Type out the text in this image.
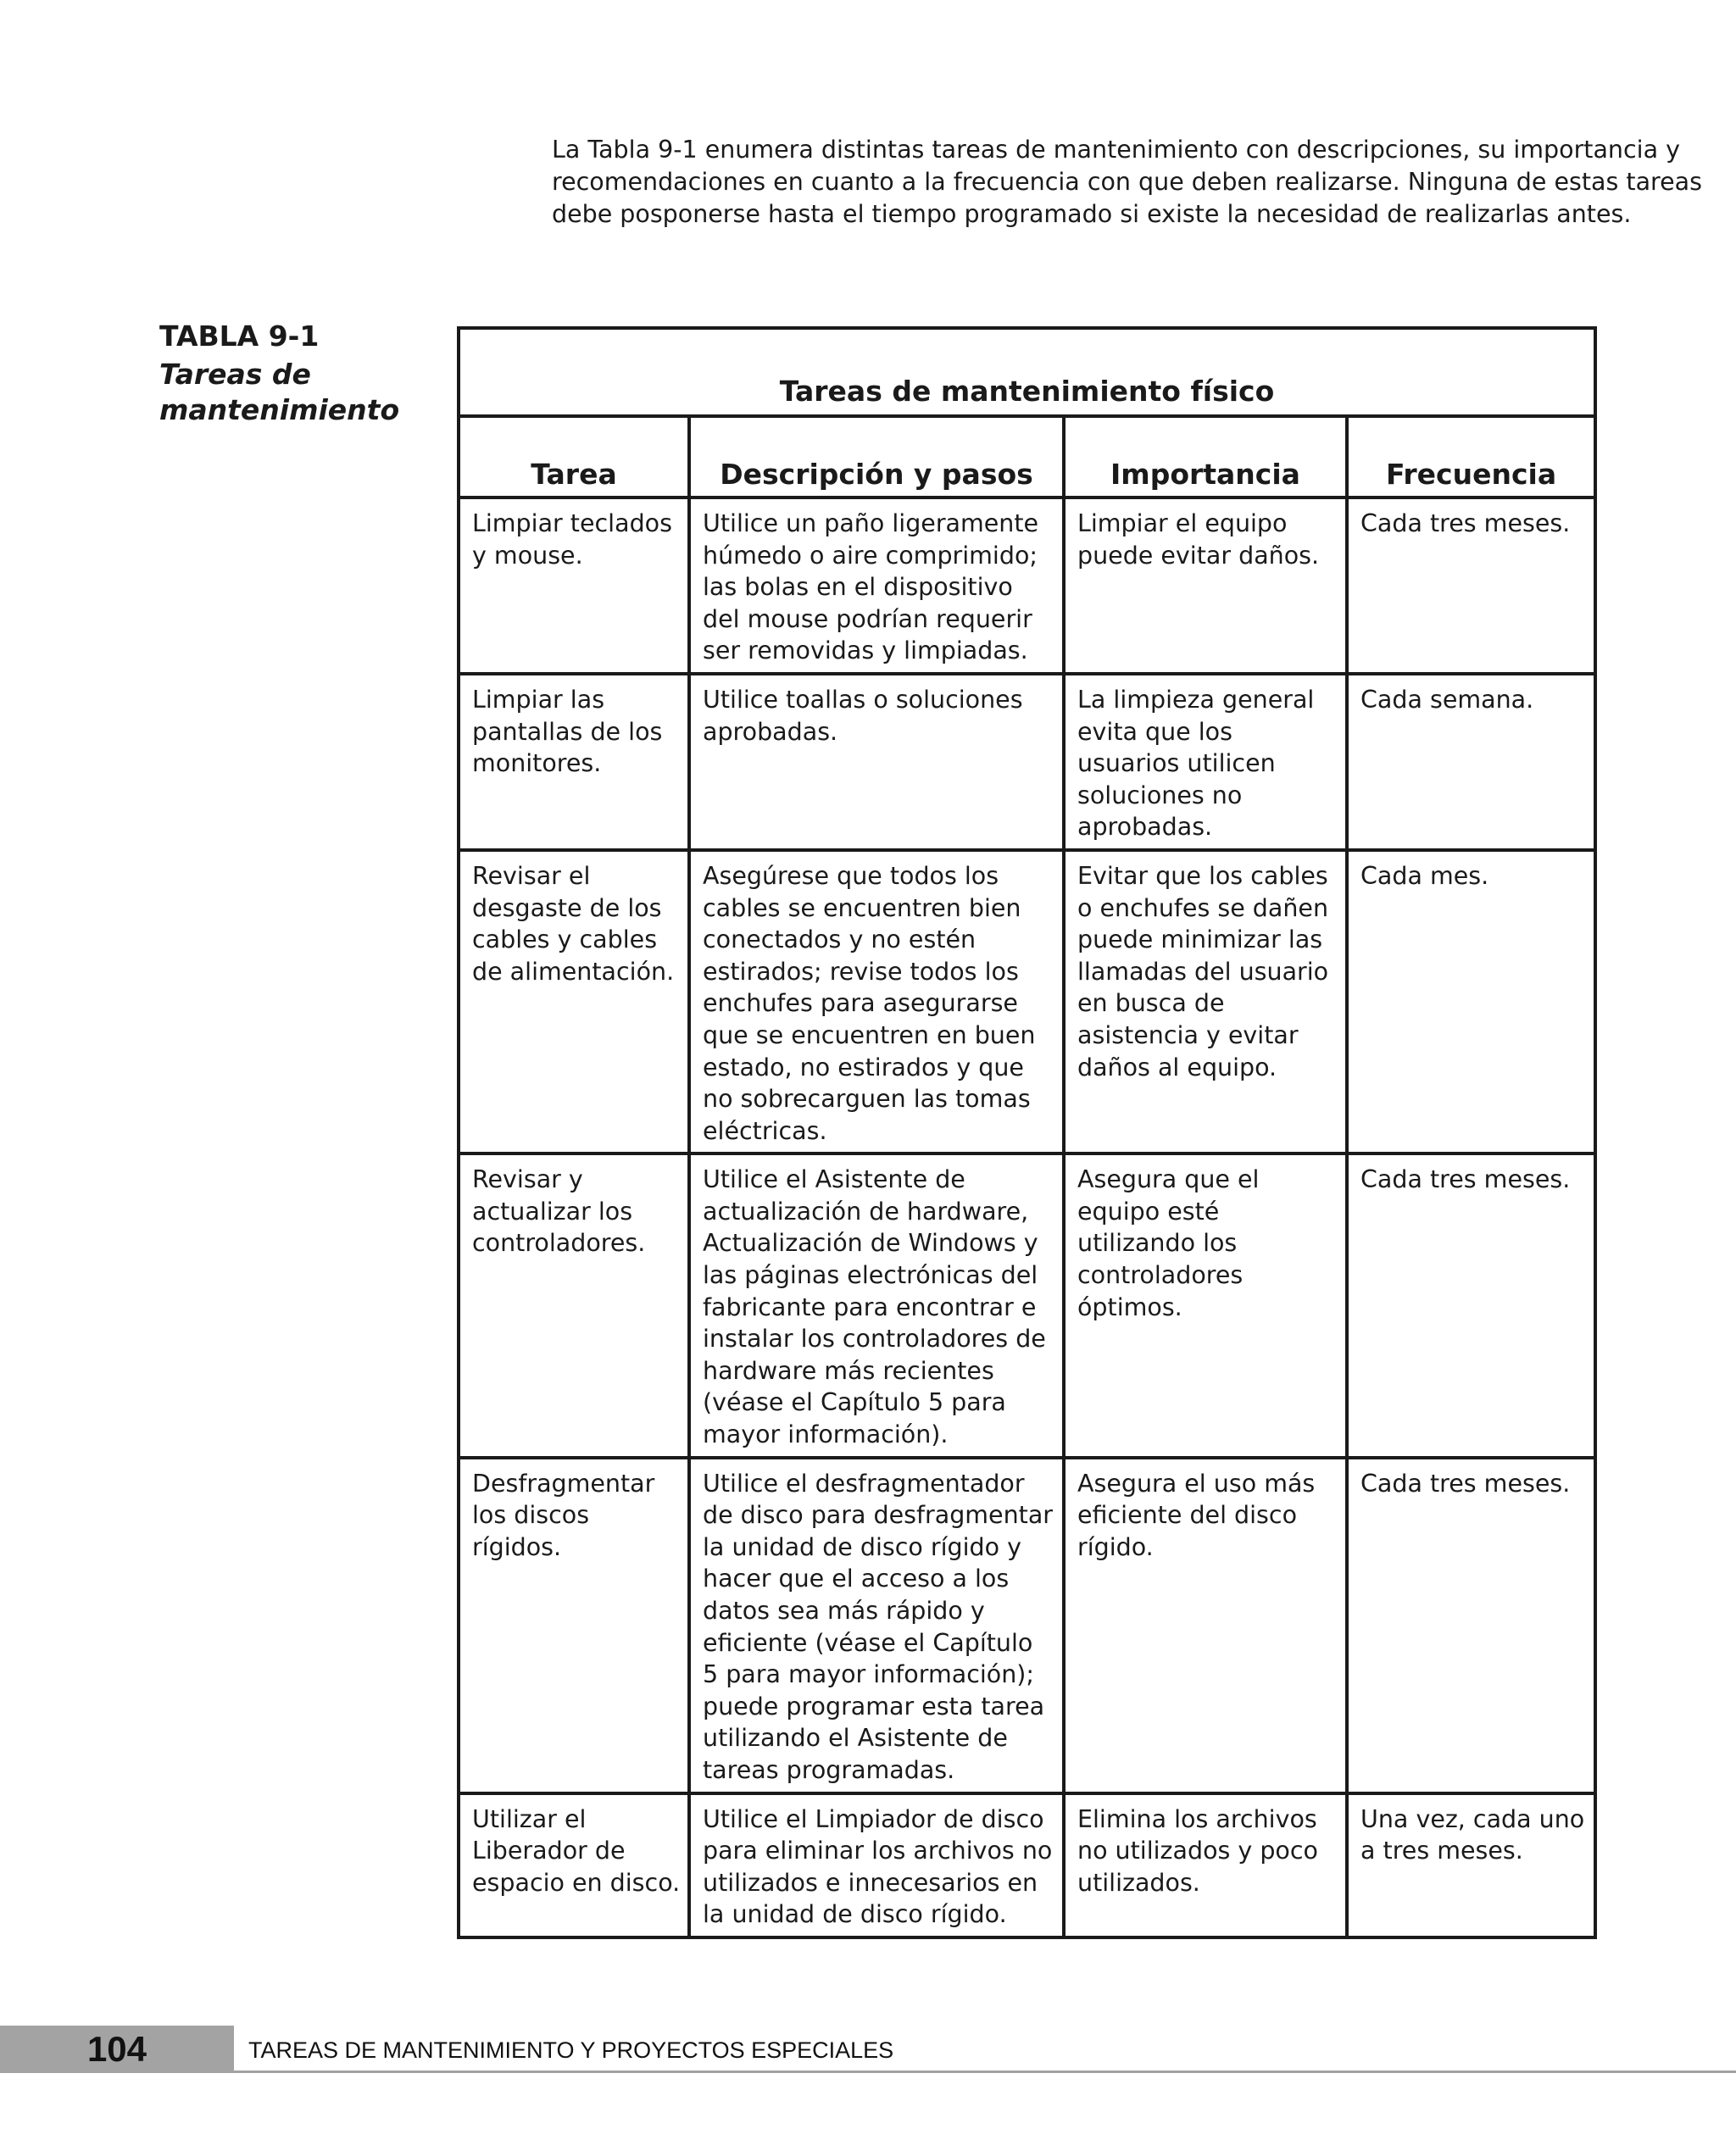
La Tabla 9-1 enumera distintas tareas de mantenimiento con descripciones, su importancia y
recomendaciones en cuanto a la frecuencia con que deben realizarse. Ninguna de estas tareas
debe posponerse hasta el tiempo programado si existe la necesidad de realizarlas antes.

TABLA 9-1
Tareas de mantenimiento
Tareas de mantenimiento físico			
Tarea	Descripción y pasos	Importancia	Frecuencia
Limpiar teclados y mouse.	Utilice un paño ligeramente húmedo o aire comprimido; las bolas en el dispositivo del mouse podrían requerir ser removidas y limpiadas.	Limpiar el equipo puede evitar daños.	Cada tres meses.
Limpiar las pantallas de los monitores.	Utilice toallas o soluciones aprobadas.	La limpieza general evita que los usuarios utilicen soluciones no aprobadas.	Cada semana.
Revisar el desgaste de los cables y cables de alimentación.	Asegúrese que todos los cables se encuentren bien conectados y no estén estirados; revise todos los enchufes para asegurarse que se encuentren en buen estado, no estirados y que no sobrecarguen las tomas eléctricas.	Evitar que los cables o enchufes se dañen puede minimizar las llamadas del usuario en busca de asistencia y evitar daños al equipo.	Cada mes.
Revisar y actualizar los controladores.	Utilice el Asistente de actualización de hardware, Actualización de Windows y las páginas electrónicas del fabricante para encontrar e instalar los controladores de hardware más recientes (véase el Capítulo 5 para mayor información).	Asegura que el equipo esté utilizando los controladores óptimos.	Cada tres meses.
Desfragmentar los discos rígidos.	Utilice el desfragmentador de disco para desfragmentar la unidad de disco rígido y hacer que el acceso a los datos sea más rápido y eficiente (véase el Capítulo 5 para mayor información); puede programar esta tarea utilizando el Asistente de tareas programadas.	Asegura el uso más eficiente del disco rígido.	Cada tres meses.
Utilizar el Liberador de espacio en disco.	Utilice el Limpiador de disco para eliminar los archivos no utilizados e innecesarios en la unidad de disco rígido.	Elimina los archivos no utilizados y poco utilizados.	Una vez, cada uno a tres meses.
104	TAREAS DE MANTENIMIENTO Y PROYECTOS ESPECIALES
